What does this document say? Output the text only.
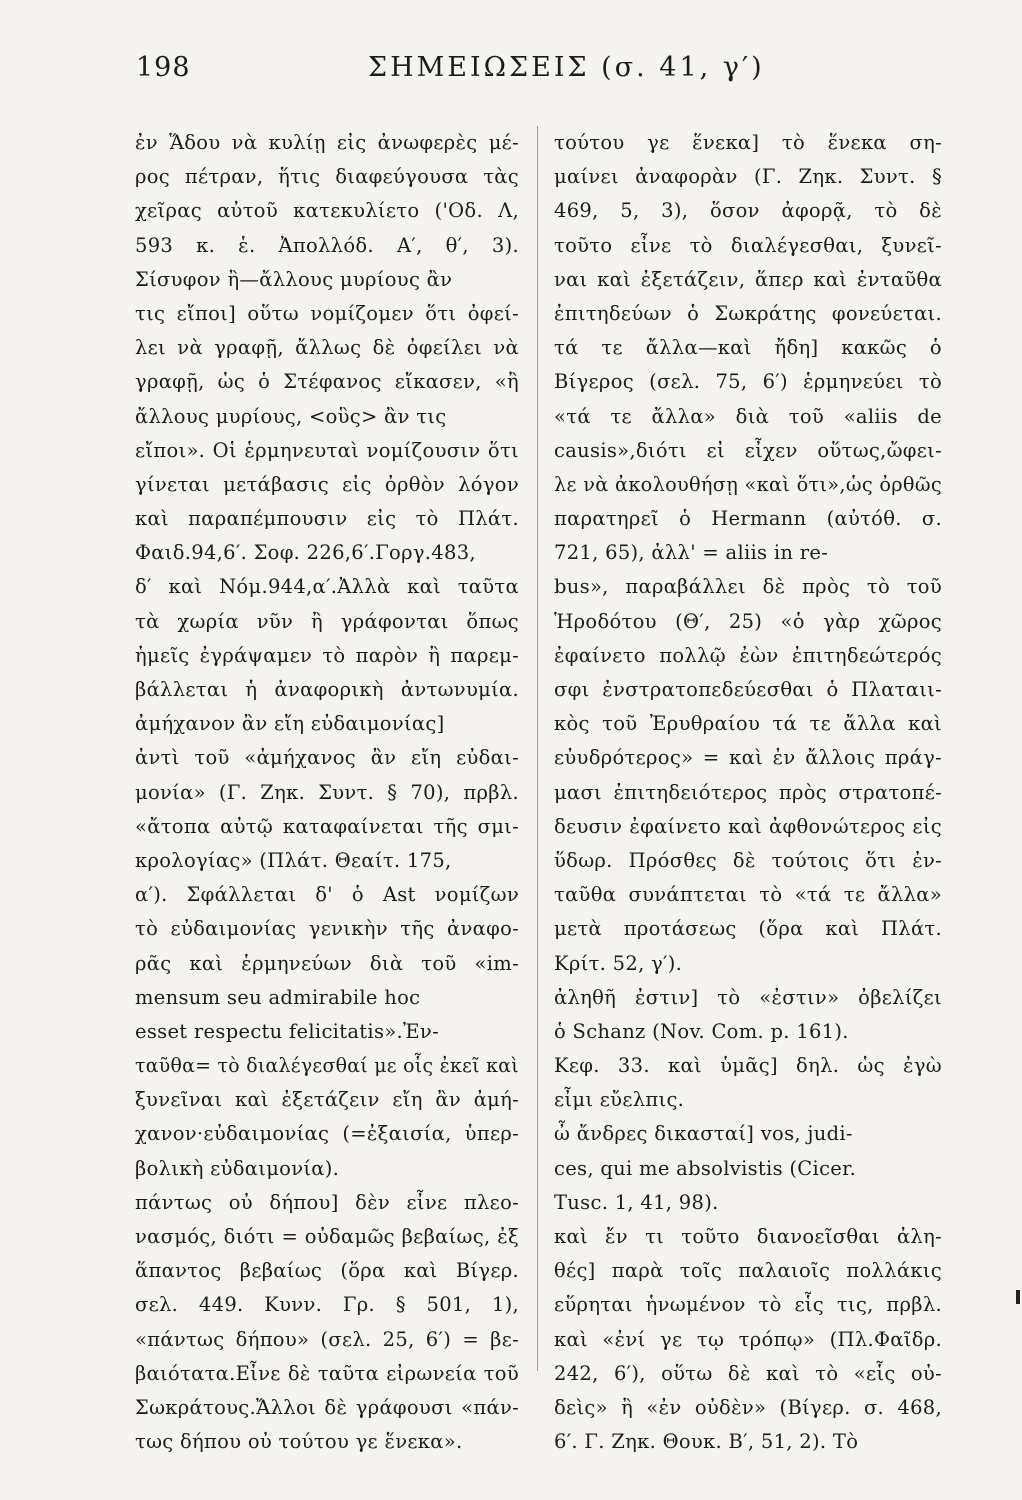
198	ΣΗΜΕΙΩΣΕΙΣ (σ. 41, γ′)
ἐν Ἅδου νὰ κυλίῃ εἰς ἀνωφερὲς μέ-
ρος πέτραν, ἥτις διαφεύγουσα τὰς
χεῖρας αὐτοῦ κατεκυλίετο ('Οδ. Λ,
593 κ. ἑ. Ἀπολλόδ. Α′, θ′, 3).
Σίσυφον ἢ—ἄλλους μυρίους ἂν
τις εἴποι] οὕτω νομίζομεν ὅτι ὀφεί-
λει νὰ γραφῇ, ἄλλως δὲ ὀφείλει νὰ
γραφῇ, ὡς ὁ Στέφανος εἴκασεν, «ἢ
ἄλλους μυρίους, <οὓς> ἂν τις
εἴποι». Οἱ ἑρμηνευταὶ νομίζουσιν ὅτι
γίνεται μετάβασις εἰς ὀρθὸν λόγον
καὶ παραπέμπουσιν εἰς τὸ Πλάτ.
Φαιδ.94,6′. Σοφ. 226,6′.Γοργ.483,
δ′ καὶ Νόμ.944,α′.Ἀλλὰ καὶ ταῦτα
τὰ χωρία νῦν ἢ γράφονται ὅπως
ἡμεῖς ἐγράψαμεν τὸ παρὸν ἢ παρεμ-
βάλλεται ἡ ἀναφορικὴ ἀντωνυμία.
ἀμήχανον ἂν εἴη εὐδαιμονίας]
ἀντὶ τοῦ «ἀμήχανος ἂν εἴη εὐδαι-
μονία» (Γ. Ζηκ. Συντ. § 70), πρβλ.
«ἄτοπα αὐτῷ καταφαίνεται τῆς σμι-
κρολογίας» (Πλάτ. Θεαίτ. 175,
α′). Σφάλλεται δ' ὁ Ast νομίζων
τὸ εὐδαιμονίας γενικὴν τῆς ἀναφο-
ρᾶς καὶ ἑρμηνεύων διὰ τοῦ «im-
mensum seu admirabile hoc
esset respectu felicitatis».Ἐν-
ταῦθα= τὸ διαλέγεσθαί με οἷς ἐκεῖ καὶ
ξυνεῖναι καὶ ἐξετάζειν εἴη ἂν ἀμή-
χανον·εὐδαιμονίας (=ἐξαισία, ὑπερ-
βολικὴ εὐδαιμονία).
πάντως οὐ δήπου] δὲν εἶνε πλεο-
νασμός, διότι = οὐδαμῶς βεβαίως, ἐξ
ἅπαντος βεβαίως (ὅρα καὶ Βίγερ.
σελ. 449. Κυνν. Γρ. § 501, 1),
«πάντως δήπου» (σελ. 25, 6′) = βε-
βαιότατα.Εἶνε δὲ ταῦτα εἰρωνεία τοῦ
Σωκράτους.Ἄλλοι δὲ γράφουσι «πάν-
τως δήπου οὐ τούτου γε ἕνεκα».
τούτου γε ἕνεκα] τὸ ἕνεκα ση-
μαίνει ἀναφορὰν (Γ. Ζηκ. Συντ. §
469, 5, 3), ὅσον ἀφορᾷ, τὸ δὲ
τοῦτο εἶνε τὸ διαλέγεσθαι, ξυνεῖ-
ναι καὶ ἐξετάζειν, ἅπερ καὶ ἐνταῦθα
ἐπιτηδεύων ὁ Σωκράτης φονεύεται.
τά τε ἄλλα—καὶ ἤδη] κακῶς ὁ
Βίγερος (σελ. 75, 6′) ἑρμηνεύει τὸ
«τά τε ἄλλα» διὰ τοῦ «aliis de
causis»,διότι εἰ εἶχεν οὕτως,ὤφει-
λε νὰ ἀκολουθήσῃ «καὶ ὅτι»,ὡς ὀρθῶς
παρατηρεῖ ὁ Hermann (αὐτόθ. σ.
721, 65), ἀλλ' = aliis in re-
bus», παραβάλλει δὲ πρὸς τὸ τοῦ
Ἡροδότου (Θ′, 25) «ὁ γὰρ χῶρος
ἐφαίνετο πολλῷ ἐὼν ἐπιτηδεώτερός
σφι ἐνστρατοπεδεύεσθαι ὁ Πλαταιι-
κὸς τοῦ Ἐρυθραίου τά τε ἄλλα καὶ
εὐυδρότερος» = καὶ ἐν ἄλλοις πράγ-
μασι ἐπιτηδειότερος πρὸς στρατοπέ-
δευσιν ἐφαίνετο καὶ ἀφθονώτερος εἰς
ὕδωρ. Πρόσθες δὲ τούτοις ὅτι ἐν-
ταῦθα συνάπτεται τὸ «τά τε ἄλλα»
μετὰ προτάσεως (ὅρα καὶ Πλάτ.
Κρίτ. 52, γ′).
ἀληθῆ ἐστιν] τὸ «ἐστιν» ὀβελίζει
ὁ Schanz (Nov. Com. p. 161).
Κεφ. 33. καὶ ὑμᾶς] δηλ. ὡς ἐγὼ
εἶμι εὔελπις.
ὦ ἄνδρες δικασταί] vos, judi-
ces, qui me absolvistis (Cicer.
Tusc. 1, 41, 98).
καὶ ἔν τι τοῦτο διανοεῖσθαι ἀλη-
θές] παρὰ τοῖς παλαιοῖς πολλάκις
εὕρηται ἡνωμένον τὸ εἷς τις, πρβλ.
καὶ «ἐνί γε τῳ τρόπῳ» (Πλ.Φαῖδρ.
242, 6′), οὕτω δὲ καὶ τὸ «εἷς οὐ-
δεὶς» ἢ «ἐν οὐδὲν» (Βίγερ. σ. 468,
6′. Γ. Ζηκ. Θουκ. Β′, 51, 2). Τὸ
